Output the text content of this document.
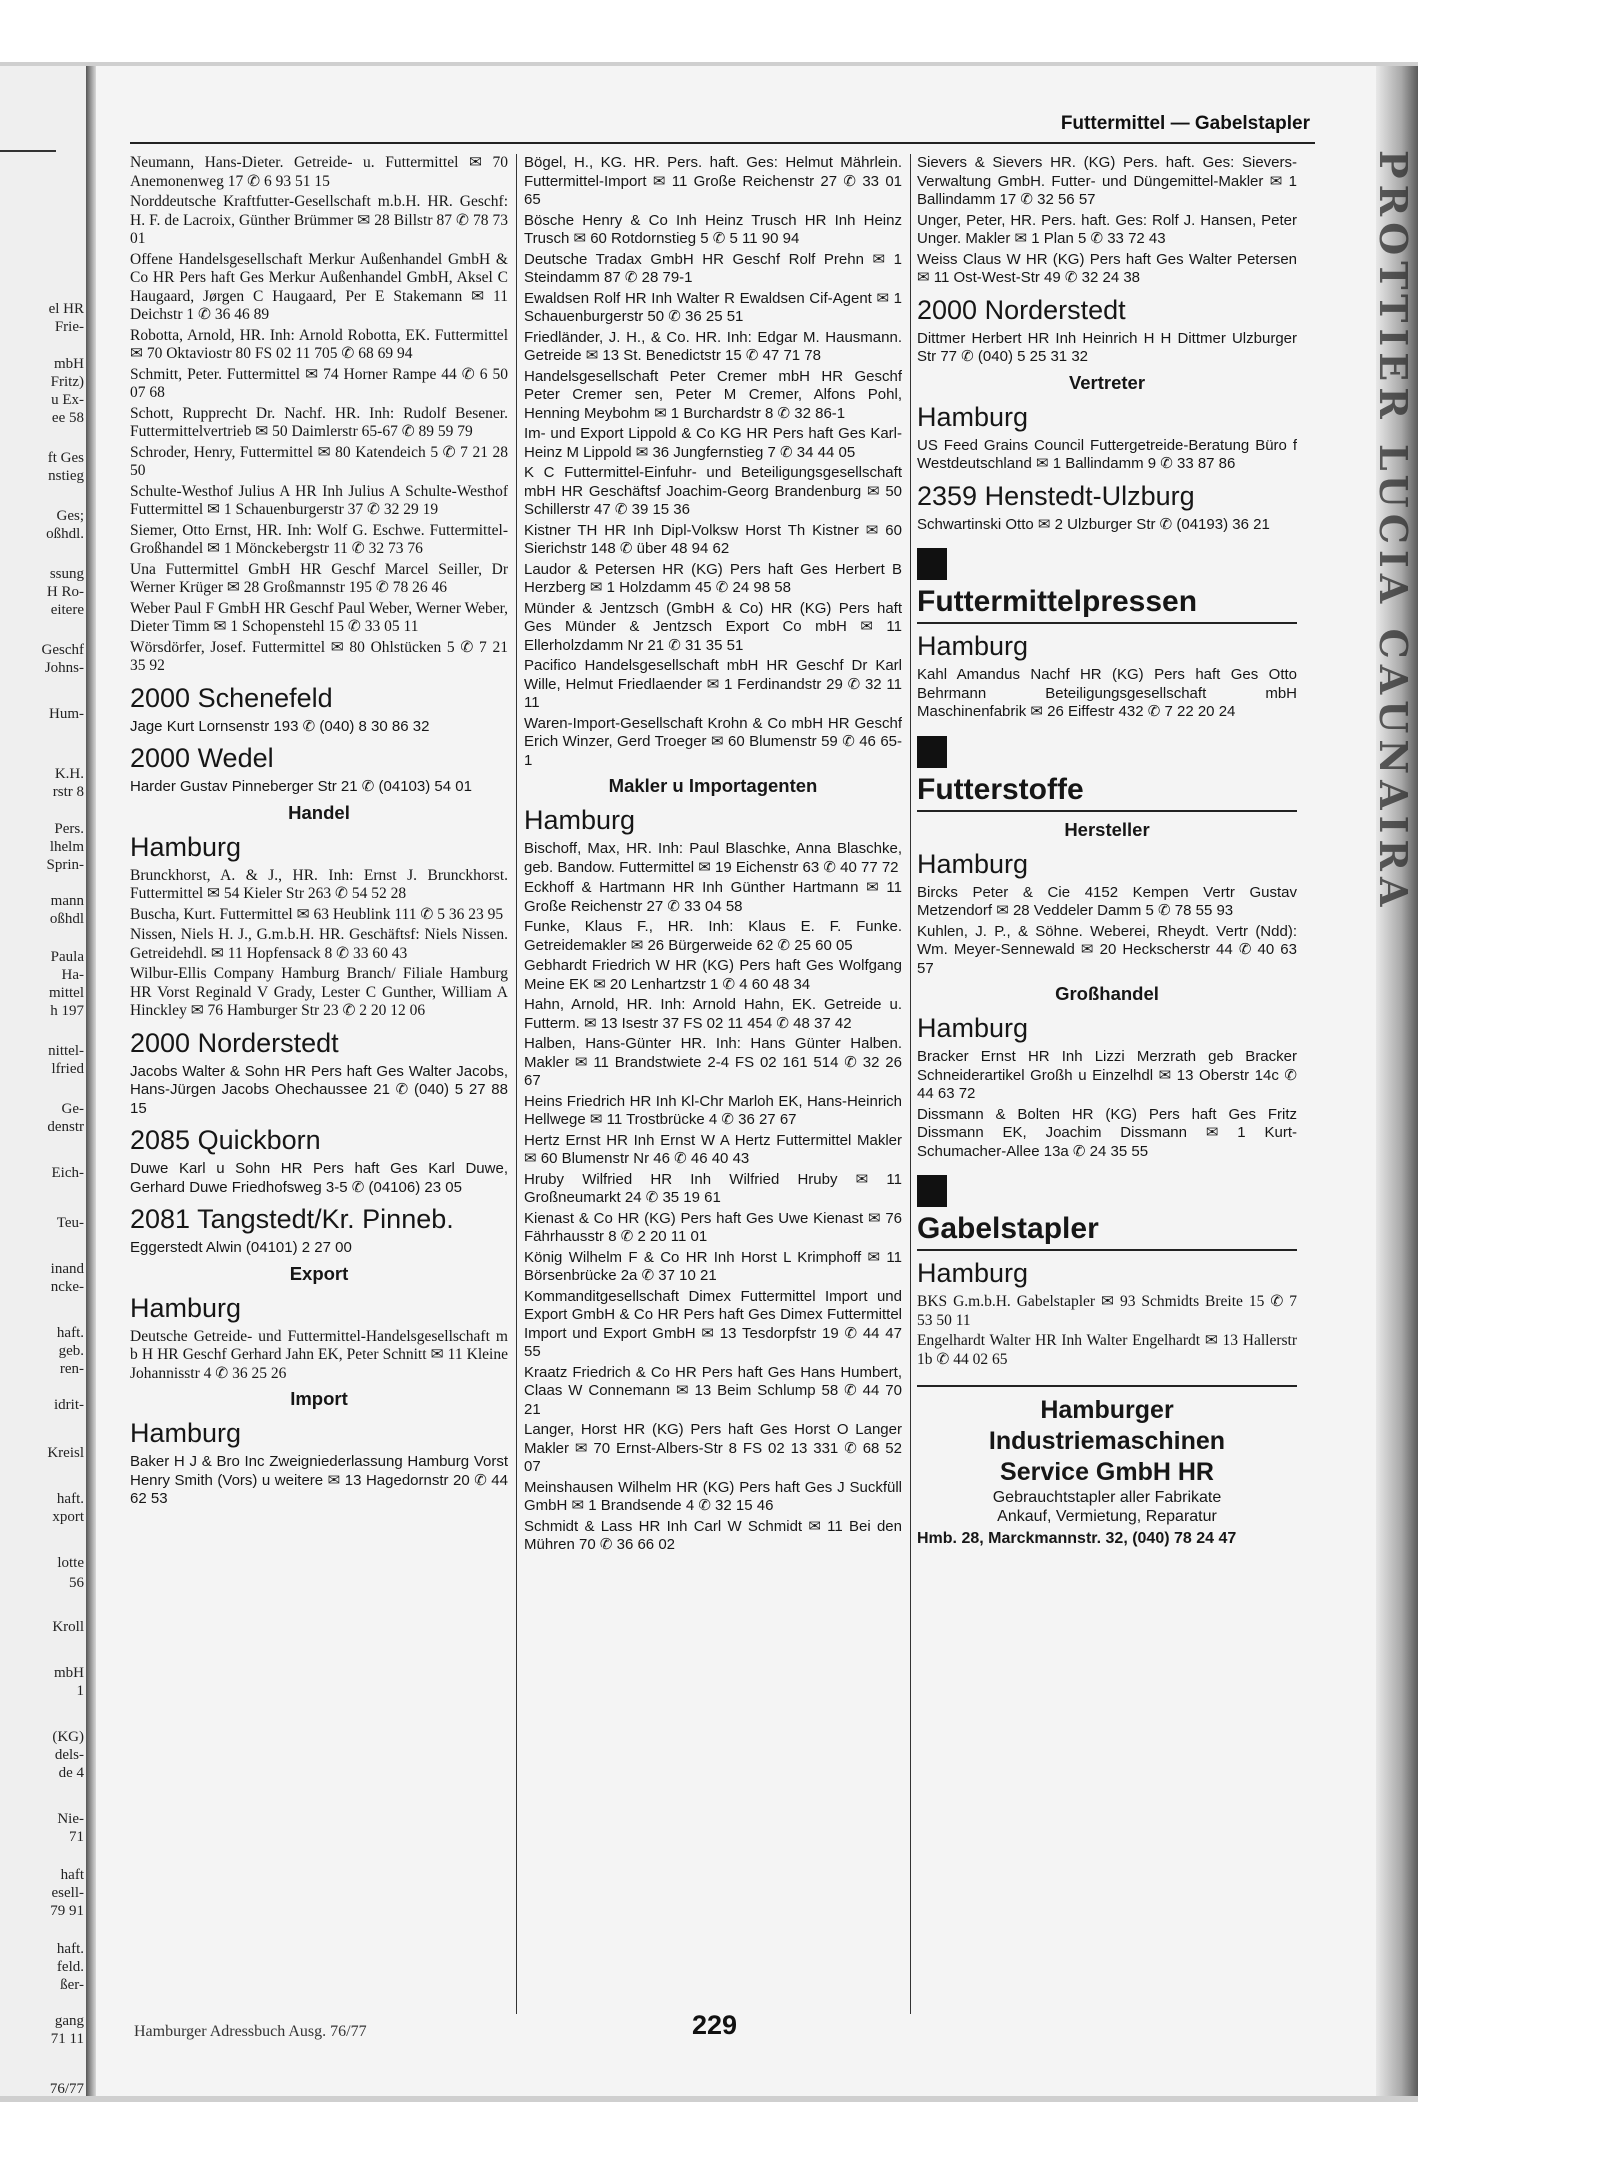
PROTTIER LUCIA CAUNAIRA
el HR
Frie-
mbH
Fritz)
u Ex-
ee 58
ft Ges
nstieg
Ges;
oßhdl.
ssung
H Ro-
eitere
Geschf
Johns-
Hum-
K.H.
rstr 8
Pers.
lhelm
Sprin-
mann
oßhdl
Paula
Ha-
mittel
h 197
nittel-
lfried
Ge-
denstr
Eich-
Teu-
inand
ncke-
haft.
geb.
ren-
idrit-
Kreisl
haft.
xport
lotte
56
Kroll
mbH
1
(KG)
dels-
de 4
Nie-
71
haft
esell-
79 91
haft.
feld.
ßer-
gang
71 11
76/77
Futtermittel — Gabelstapler
Neumann, Hans-Dieter. Getreide- u. Futtermittel ✉ 70 Anemonenweg 17 ✆ 6 93 51 15
Norddeutsche Kraftfutter-Gesellschaft m.b.H. HR. Geschf: H. F. de Lacroix, Günther Brümmer ✉ 28 Billstr 87 ✆ 78 73 01
Offene Handelsgesellschaft Merkur Außenhandel GmbH & Co HR Pers haft Ges Merkur Außenhandel GmbH, Aksel C Haugaard, Jørgen C Haugaard, Per E Stakemann ✉ 11 Deichstr 1 ✆ 36 46 89
Robotta, Arnold, HR. Inh: Arnold Robotta, EK. Futtermittel ✉ 70 Oktaviostr 80 FS 02 11 705 ✆ 68 69 94
Schmitt, Peter. Futtermittel ✉ 74 Horner Rampe 44 ✆ 6 50 07 68
Schott, Rupprecht Dr. Nachf. HR. Inh: Rudolf Besener. Futtermittelvertrieb ✉ 50 Daimlerstr 65-67 ✆ 89 59 79
Schroder, Henry, Futtermittel ✉ 80 Katendeich 5 ✆ 7 21 28 50
Schulte-Westhof Julius A HR Inh Julius A Schulte-Westhof Futtermittel ✉ 1 Schauenburgerstr 37 ✆ 32 29 19
Siemer, Otto Ernst, HR. Inh: Wolf G. Eschwe. Futtermittel-Großhandel ✉ 1 Mönckebergstr 11 ✆ 32 73 76
Una Futtermittel GmbH HR Geschf Marcel Seiller, Dr Werner Krüger ✉ 28 Großmannstr 195 ✆ 78 26 46
Weber Paul F GmbH HR Geschf Paul Weber, Werner Weber, Dieter Timm ✉ 1 Schopenstehl 15 ✆ 33 05 11
Wörsdörfer, Josef. Futtermittel ✉ 80 Ohlstücken 5 ✆ 7 21 35 92
2000 Schenefeld
Jage Kurt Lornsenstr 193 ✆ (040) 8 30 86 32
2000 Wedel
Harder Gustav Pinneberger Str 21 ✆ (04103) 54 01
Handel
Hamburg
Brunckhorst, A. & J., HR. Inh: Ernst J. Brunckhorst. Futtermittel ✉ 54 Kieler Str 263 ✆ 54 52 28
Buscha, Kurt. Futtermittel ✉ 63 Heublink 111 ✆ 5 36 23 95
Nissen, Niels H. J., G.m.b.H. HR. Geschäftsf: Niels Nissen. Getreidehdl. ✉ 11 Hopfensack 8 ✆ 33 60 43
Wilbur-Ellis Company Hamburg Branch/ Filiale Hamburg HR Vorst Reginald V Grady, Lester C Gunther, William A Hinckley ✉ 76 Hamburger Str 23 ✆ 2 20 12 06
2000 Norderstedt
Jacobs Walter & Sohn HR Pers haft Ges Walter Jacobs, Hans-Jürgen Jacobs Ohechaussee 21 ✆ (040) 5 27 88 15
2085 Quickborn
Duwe Karl u Sohn HR Pers haft Ges Karl Duwe, Gerhard Duwe Friedhofsweg 3-5 ✆ (04106) 23 05
2081 Tangstedt/Kr. Pinneb.
Eggerstedt Alwin (04101) 2 27 00
Export
Hamburg
Deutsche Getreide- und Futtermittel-Handelsgesellschaft m b H HR Geschf Gerhard Jahn EK, Peter Schnitt ✉ 11 Kleine Johannisstr 4 ✆ 36 25 26
Import
Hamburg
Baker H J & Bro Inc Zweigniederlassung Hamburg Vorst Henry Smith (Vors) u weitere ✉ 13 Hagedornstr 20 ✆ 44 62 53
Bögel, H., KG. HR. Pers. haft. Ges: Helmut Mährlein. Futtermittel-Import ✉ 11 Große Reichenstr 27 ✆ 33 01 65
Bösche Henry & Co Inh Heinz Trusch HR Inh Heinz Trusch ✉ 60 Rotdornstieg 5 ✆ 5 11 90 94
Deutsche Tradax GmbH HR Geschf Rolf Prehn ✉ 1 Steindamm 87 ✆ 28 79-1
Ewaldsen Rolf HR Inh Walter R Ewaldsen Cif-Agent ✉ 1 Schauenburgerstr 50 ✆ 36 25 51
Friedländer, J. H., & Co. HR. Inh: Edgar M. Hausmann. Getreide ✉ 13 St. Benedictstr 15 ✆ 47 71 78
Handelsgesellschaft Peter Cremer mbH HR Geschf Peter Cremer sen, Peter M Cremer, Alfons Pohl, Henning Meybohm ✉ 1 Burchardstr 8 ✆ 32 86-1
Im- und Export Lippold & Co KG HR Pers haft Ges Karl-Heinz M Lippold ✉ 36 Jungfernstieg 7 ✆ 34 44 05
K C Futtermittel-Einfuhr- und Beteiligungsgesellschaft mbH HR Geschäftsf Joachim-Georg Brandenburg ✉ 50 Schillerstr 47 ✆ 39 15 36
Kistner TH HR Inh Dipl-Volksw Horst Th Kistner ✉ 60 Sierichstr 148 ✆ über 48 94 62
Laudor & Petersen HR (KG) Pers haft Ges Herbert B Herzberg ✉ 1 Holzdamm 45 ✆ 24 98 58
Münder & Jentzsch (GmbH & Co) HR (KG) Pers haft Ges Münder & Jentzsch Export Co mbH ✉ 11 Ellerholzdamm Nr 21 ✆ 31 35 51
Pacifico Handelsgesellschaft mbH HR Geschf Dr Karl Wille, Helmut Friedlaender ✉ 1 Ferdinandstr 29 ✆ 32 11 11
Waren-Import-Gesellschaft Krohn & Co mbH HR Geschf Erich Winzer, Gerd Troeger ✉ 60 Blumenstr 59 ✆ 46 65-1
Makler u Importagenten
Hamburg
Bischoff, Max, HR. Inh: Paul Blaschke, Anna Blaschke, geb. Bandow. Futtermittel ✉ 19 Eichenstr 63 ✆ 40 77 72
Eckhoff & Hartmann HR Inh Günther Hartmann ✉ 11 Große Reichenstr 27 ✆ 33 04 58
Funke, Klaus F., HR. Inh: Klaus E. F. Funke. Getreidemakler ✉ 26 Bürgerweide 62 ✆ 25 60 05
Gebhardt Friedrich W HR (KG) Pers haft Ges Wolfgang Meine EK ✉ 20 Lenhartzstr 1 ✆ 4 60 48 34
Hahn, Arnold, HR. Inh: Arnold Hahn, EK. Getreide u. Futterm. ✉ 13 Isestr 37 FS 02 11 454 ✆ 48 37 42
Halben, Hans-Günter HR. Inh: Hans Günter Halben. Makler ✉ 11 Brandstwiete 2-4 FS 02 161 514 ✆ 32 26 67
Heins Friedrich HR Inh Kl-Chr Marloh EK, Hans-Heinrich Hellwege ✉ 11 Trostbrücke 4 ✆ 36 27 67
Hertz Ernst HR Inh Ernst W A Hertz Futtermittel Makler ✉ 60 Blumenstr Nr 46 ✆ 46 40 43
Hruby Wilfried HR Inh Wilfried Hruby ✉ 11 Großneumarkt 24 ✆ 35 19 61
Kienast & Co HR (KG) Pers haft Ges Uwe Kienast ✉ 76 Fährhausstr 8 ✆ 2 20 11 01
König Wilhelm F & Co HR Inh Horst L Krimphoff ✉ 11 Börsenbrücke 2a ✆ 37 10 21
Kommanditgesellschaft Dimex Futtermittel Import und Export GmbH & Co HR Pers haft Ges Dimex Futtermittel Import und Export GmbH ✉ 13 Tesdorpfstr 19 ✆ 44 47 55
Kraatz Friedrich & Co HR Pers haft Ges Hans Humbert, Claas W Connemann ✉ 13 Beim Schlump 58 ✆ 44 70 21
Langer, Horst HR (KG) Pers haft Ges Horst O Langer Makler ✉ 70 Ernst-Albers-Str 8 FS 02 13 331 ✆ 68 52 07
Meinshausen Wilhelm HR (KG) Pers haft Ges J Suckfüll GmbH ✉ 1 Brandsende 4 ✆ 32 15 46
Schmidt & Lass HR Inh Carl W Schmidt ✉ 11 Bei den Mühren 70 ✆ 36 66 02
Sievers & Sievers HR. (KG) Pers. haft. Ges: Sievers-Verwaltung GmbH. Futter- und Düngemittel-Makler ✉ 1 Ballindamm 17 ✆ 32 56 57
Unger, Peter, HR. Pers. haft. Ges: Rolf J. Hansen, Peter Unger. Makler ✉ 1 Plan 5 ✆ 33 72 43
Weiss Claus W HR (KG) Pers haft Ges Walter Petersen ✉ 11 Ost-West-Str 49 ✆ 32 24 38
2000 Norderstedt
Dittmer Herbert HR Inh Heinrich H H Dittmer Ulzburger Str 77 ✆ (040) 5 25 31 32
Vertreter
Hamburg
US Feed Grains Council Futtergetreide-Beratung Büro f Westdeutschland ✉ 1 Ballindamm 9 ✆ 33 87 86
2359 Henstedt-Ulzburg
Schwartinski Otto ✉ 2 Ulzburger Str ✆ (04193) 36 21
Futtermittelpressen
Hamburg
Kahl Amandus Nachf HR (KG) Pers haft Ges Otto Behrmann Beteiligungsgesellschaft mbH Maschinenfabrik ✉ 26 Eiffestr 432 ✆ 7 22 20 24
Futterstoffe
Hersteller
Hamburg
Bircks Peter & Cie 4152 Kempen Vertr Gustav Metzendorf ✉ 28 Veddeler Damm 5 ✆ 78 55 93
Kuhlen, J. P., & Söhne. Weberei, Rheydt. Vertr (Ndd): Wm. Meyer-Sennewald ✉ 20 Heckscherstr 44 ✆ 40 63 57
Großhandel
Hamburg
Bracker Ernst HR Inh Lizzi Merzrath geb Bracker Schneiderartikel Großh u Einzelhdl ✉ 13 Oberstr 14c ✆ 44 63 72
Dissmann & Bolten HR (KG) Pers haft Ges Fritz Dissmann EK, Joachim Dissmann ✉ 1 Kurt-Schumacher-Allee 13a ✆ 24 35 55
Gabelstapler
Hamburg
BKS G.m.b.H. Gabelstapler ✉ 93 Schmidts Breite 15 ✆ 7 53 50 11
Engelhardt Walter HR Inh Walter Engelhardt ✉ 13 Hallerstr 1b ✆ 44 02 65
Hamburger
Industriemaschinen
Service GmbH HR
Gebrauchtstapler aller Fabrikate
Ankauf, Vermietung, Reparatur
Hmb. 28, Marckmannstr. 32, (040) 78 24 47
Hamburger Adressbuch Ausg. 76/77	229
